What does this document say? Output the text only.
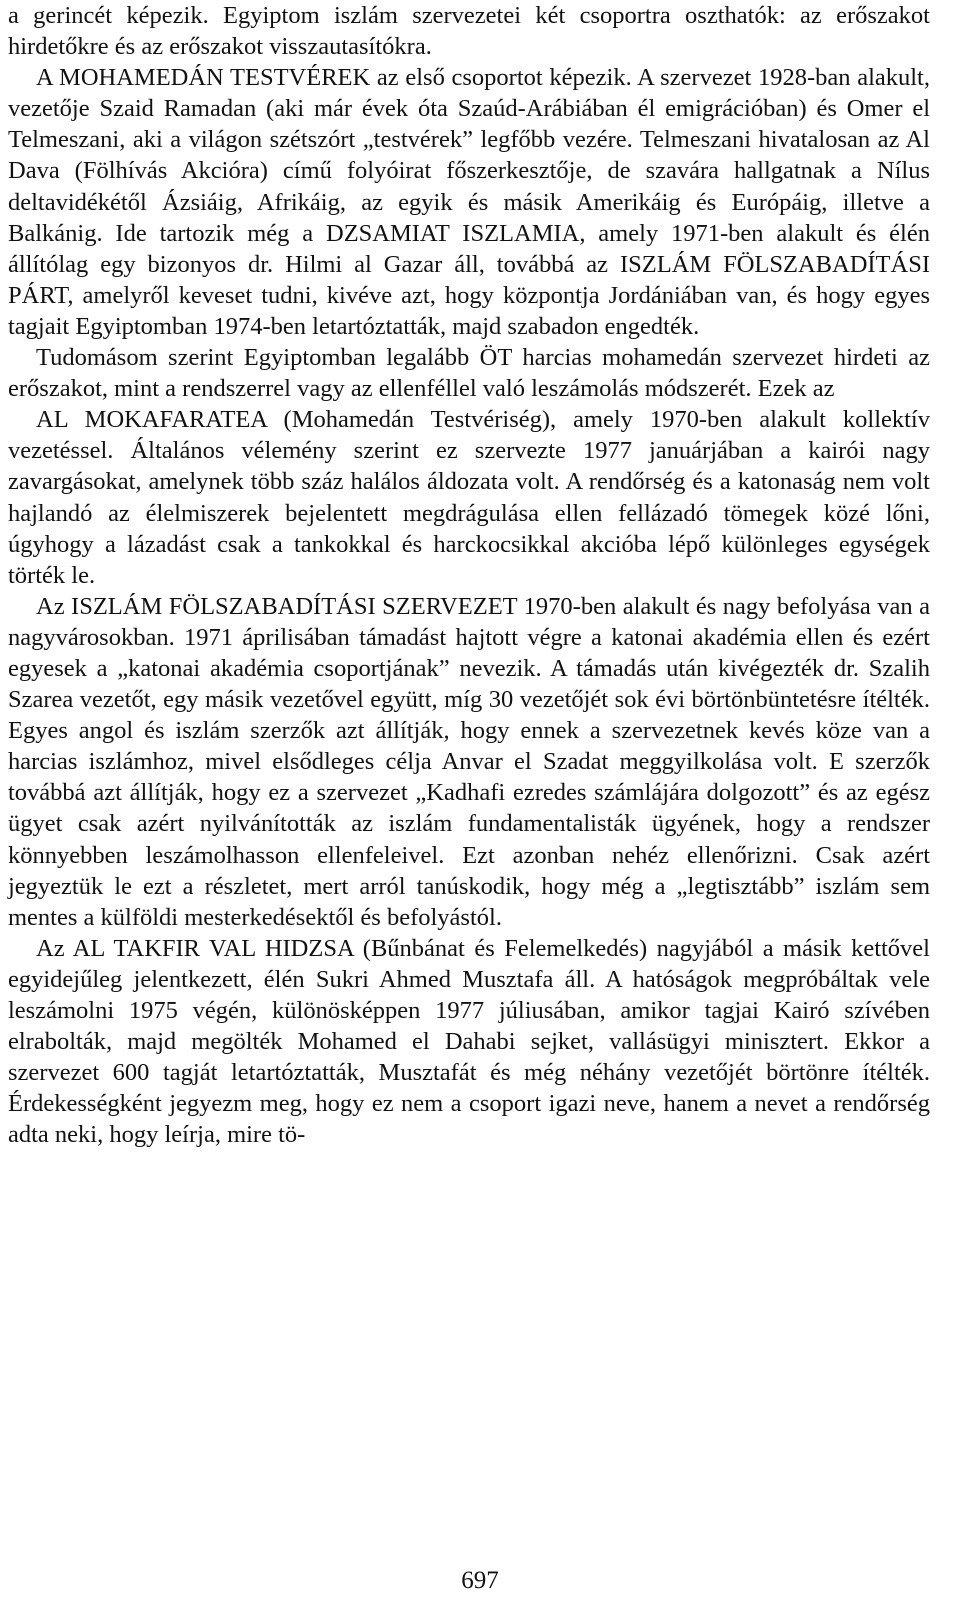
a gerincét képezik. Egyiptom iszlám szervezetei két csoportra oszthatók: az erőszakot hirdetőkre és az erőszakot visszautasítókra.

A MOHAMEDÁN TESTVÉREK az első csoportot képezik. A szervezet 1928-ban alakult, vezetője Szaid Ramadan (aki már évek óta Szaúd-Arábiában él emigrációban) és Omer el Telmeszani, aki a világon szétszórt „testvérek” legfőbb vezére. Telmeszani hivatalosan az Al Dava (Fölhívás Akcióra) című folyóirat főszerkesztője, de szavára hallgatnak a Nílus deltavidékétől Ázsiáig, Afrikáig, az egyik és másik Amerikáig és Európáig, illetve a Balkánig. Ide tartozik még a DZSAMIAT ISZLAMIA, amely 1971-ben alakult és élén állítólag egy bizonyos dr. Hilmi al Gazar áll, továbbá az ISZLÁM FÖLSZABADÍTÁSI PÁRT, amelyről keveset tudni, kivéve azt, hogy központja Jordániában van, és hogy egyes tagjait Egyiptomban 1974-ben letartóztatták, majd szabadon engedték.

Tudomásom szerint Egyiptomban legalább ÖT harcias mohamedán szervezet hirdeti az erőszakot, mint a rendszerrel vagy az ellenféllel való leszámolás módszerét. Ezek az

AL MOKAFARATEA (Mohamedán Testvériség), amely 1970-ben alakult kollektív vezetéssel. Általános vélemény szerint ez szervezte 1977 januárjában a kairói nagy zavargásokat, amelynek több száz halálos áldozata volt. A rendőrség és a katonaság nem volt hajlandó az élelmiszerek bejelentett megdrágulása ellen fellázadó tömegek közé lőni, úgyhogy a lázadást csak a tankokkal és harckocsikkal akcióba lépő különleges egységek törték le.

Az ISZLÁM FÖLSZABADÍTÁSI SZERVEZET 1970-ben alakult és nagy befolyása van a nagyvárosokban. 1971 áprilisában támadást hajtott végre a katonai akadémia ellen és ezért egyesek a „katonai akadémia csoportjának” nevezik. A támadás után kivégezték dr. Szalih Szarea vezetőt, egy másik vezetővel együtt, míg 30 vezetőjét sok évi börtönbüntetésre ítélték. Egyes angol és iszlám szerzők azt állítják, hogy ennek a szervezetnek kevés köze van a harcias iszlámhoz, mivel elsődleges célja Anvar el Szadat meggyilkolása volt. E szerzők továbbá azt állítják, hogy ez a szervezet „Kadhafi ezredes számlájára dolgozott” és az egész ügyet csak azért nyilvánították az iszlám fundamentalisták ügyének, hogy a rendszer könnyebben leszámolhasson ellenfeleivel. Ezt azonban nehéz ellenőrizni. Csak azért jegyeztük le ezt a részletet, mert arról tanúskodik, hogy még a „legtisztább” iszlám sem mentes a külföldi mesterkedésektől és befolyástól.

Az AL TAKFIR VAL HIDZSA (Bűnbánat és Felemelkedés) nagyjából a másik kettővel egyidejűleg jelentkezett, élén Sukri Ahmed Musztafa áll. A hatóságok megpróbáltak vele leszámolni 1975 végén, különösképpen 1977 júliusában, amikor tagjai Kairó szívében elrabolták, majd megölték Mohamed el Dahabi sejket, vallásügyi minisztert. Ekkor a szervezet 600 tagját letartóztatták, Musztafát és még néhány vezetőjét börtönre ítélték. Érdekességként jegyezm meg, hogy ez nem a csoport igazi neve, hanem a nevet a rendőrség adta neki, hogy leírja, mire tö-

697
